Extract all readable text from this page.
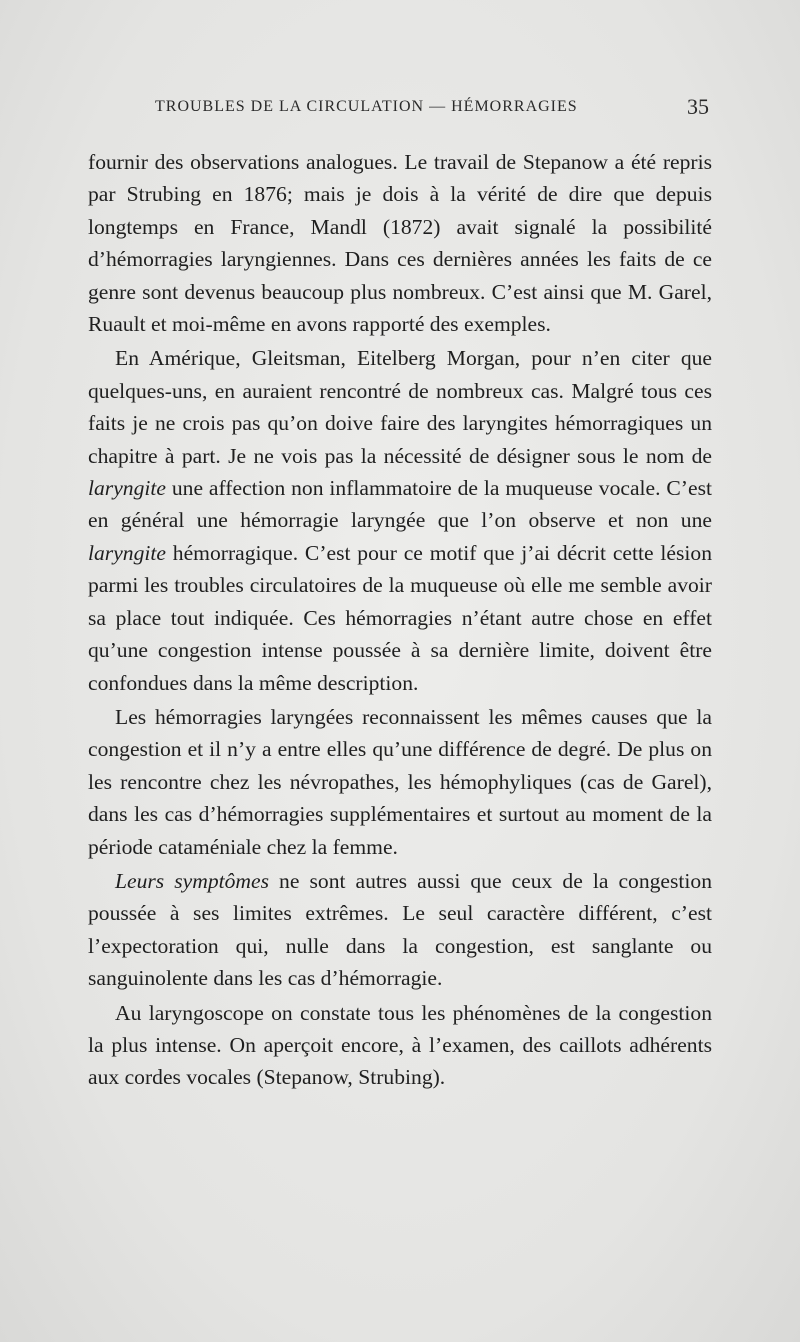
TROUBLES DE LA CIRCULATION — HÉMORRAGIES	35

fournir des observations analogues. Le travail de Stepanow a été repris par Strubing en 1876; mais je dois à la vérité de dire que depuis longtemps en France, Mandl (1872) avait signalé la possibilité d’hémorragies laryngiennes. Dans ces dernières années les faits de ce genre sont devenus beaucoup plus nombreux. C’est ainsi que M. Garel, Ruault et moi-même en avons rapporté des exemples.

En Amérique, Gleitsman, Eitelberg Morgan, pour n’en citer que quelques-uns, en auraient rencontré de nombreux cas. Malgré tous ces faits je ne crois pas qu’on doive faire des laryngites hémorragiques un chapitre à part. Je ne vois pas la nécessité de désigner sous le nom de laryngite une affection non inflammatoire de la muqueuse vocale. C’est en général une hémorragie laryngée que l’on observe et non une laryngite hémorragique. C’est pour ce motif que j’ai décrit cette lésion parmi les troubles circulatoires de la muqueuse où elle me semble avoir sa place tout indiquée. Ces hémorragies n’étant autre chose en effet qu’une congestion intense poussée à sa dernière limite, doivent être confondues dans la même description.

Les hémorragies laryngées reconnaissent les mêmes causes que la congestion et il n’y a entre elles qu’une différence de degré. De plus on les rencontre chez les névropathes, les hémophyliques (cas de Garel), dans les cas d’hémorragies supplémentaires et surtout au moment de la période cataméniale chez la femme.

Leurs symptômes ne sont autres aussi que ceux de la congestion poussée à ses limites extrêmes. Le seul caractère différent, c’est l’expectoration qui, nulle dans la congestion, est sanglante ou sanguinolente dans les cas d’hémorragie.

Au laryngoscope on constate tous les phénomènes de la congestion la plus intense. On aperçoit encore, à l’examen, des caillots adhérents aux cordes vocales (Stepanow, Strubing).
